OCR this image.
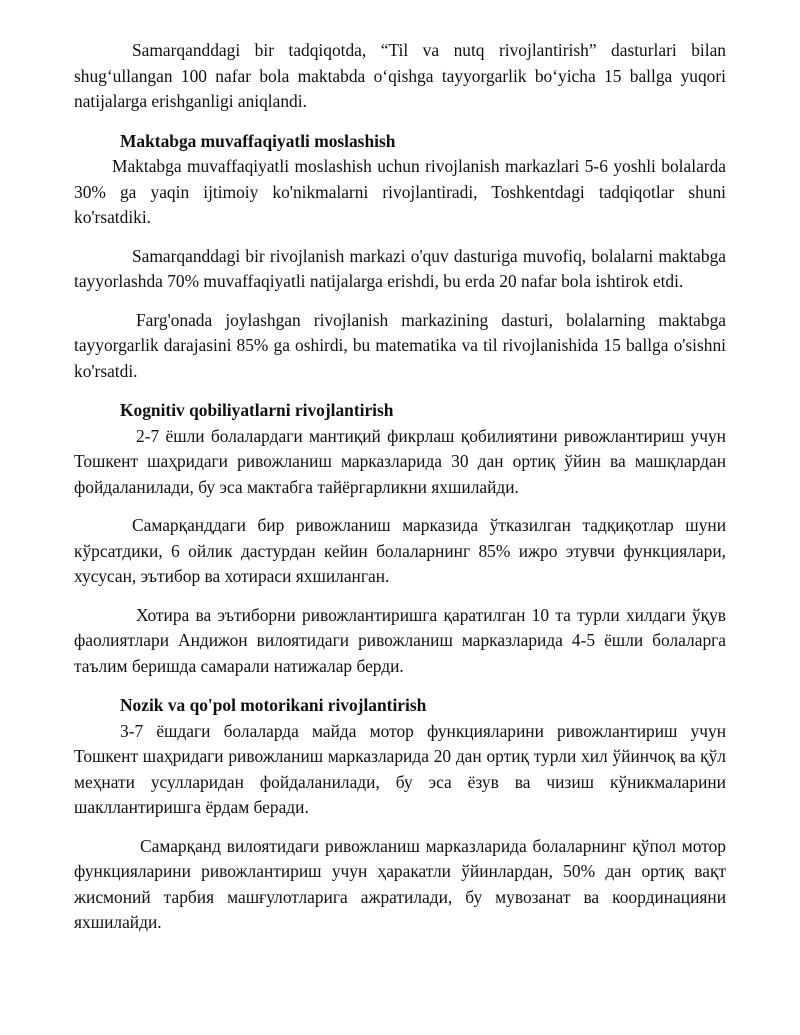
Samarqanddagi bir tadqiqotda, “Til va nutq rivojlantirish” dasturlari bilan shug‘ullangan 100 nafar bola maktabda o‘qishga tayyorgarlik bo‘yicha 15 ballga yuqori natijalarga erishganligi aniqlandi.

Maktabga muvaffaqiyatli moslashish

Maktabga muvaffaqiyatli moslashish uchun rivojlanish markazlari 5-6 yoshli bolalarda 30% ga yaqin ijtimoiy ko'nikmalarni rivojlantiradi, Toshkentdagi tadqiqotlar shuni ko'rsatdiki.

Samarqanddagi bir rivojlanish markazi o'quv dasturiga muvofiq, bolalarni maktabga tayyorlashda 70% muvaffaqiyatli natijalarga erishdi, bu erda 20 nafar bola ishtirok etdi.

Farg'onada joylashgan rivojlanish markazining dasturi, bolalarning maktabga tayyorgarlik darajasini 85% ga oshirdi, bu matematika va til rivojlanishida 15 ballga o'sishni ko'rsatdi.

Kognitiv qobiliyatlarni rivojlantirish

2-7 ёшли болалардаги мантиқий фикрлаш қобилиятини ривожлантириш учун Тошкент шаҳридаги ривожланиш марказларида 30 дан ортиқ ўйин ва машқлардан фойдаланилади, бу эса мактабга тайёргарликни яхшилайди.

Самарқанддаги бир ривожланиш марказида ўтказилган тадқиқотлар шуни кўрсатдики, 6 ойлик дастурдан кейин болаларнинг 85% ижро этувчи функциялари, хусусан, эътибор ва хотираси яхшиланган.

Хотира ва эътиборни ривожлантиришга қаратилган 10 та турли хилдаги ўқув фаолиятлари Андижон вилоятидаги ривожланиш марказларида 4-5 ёшли болаларга таълим беришда самарали натижалар берди.

Nozik va qo'pol motorikani rivojlantirish

3-7 ёшдаги болаларда майда мотор функцияларини ривожлантириш учун Тошкент шаҳридаги ривожланиш марказларида 20 дан ортиқ турли хил ўйинчоқ ва қўл меҳнати усулларидан фойдаланилади, бу эса ёзув ва чизиш кўникмаларини шакллантиришга ёрдам беради.

Самарқанд вилоятидаги ривожланиш марказларида болаларнинг қўпол мотор функцияларини ривожлантириш учун ҳаракатли ўйинлардан, 50% дан ортиқ вақт жисмоний тарбия машғулотларига ажратилади, бу мувозанат ва координацияни яхшилайди.
